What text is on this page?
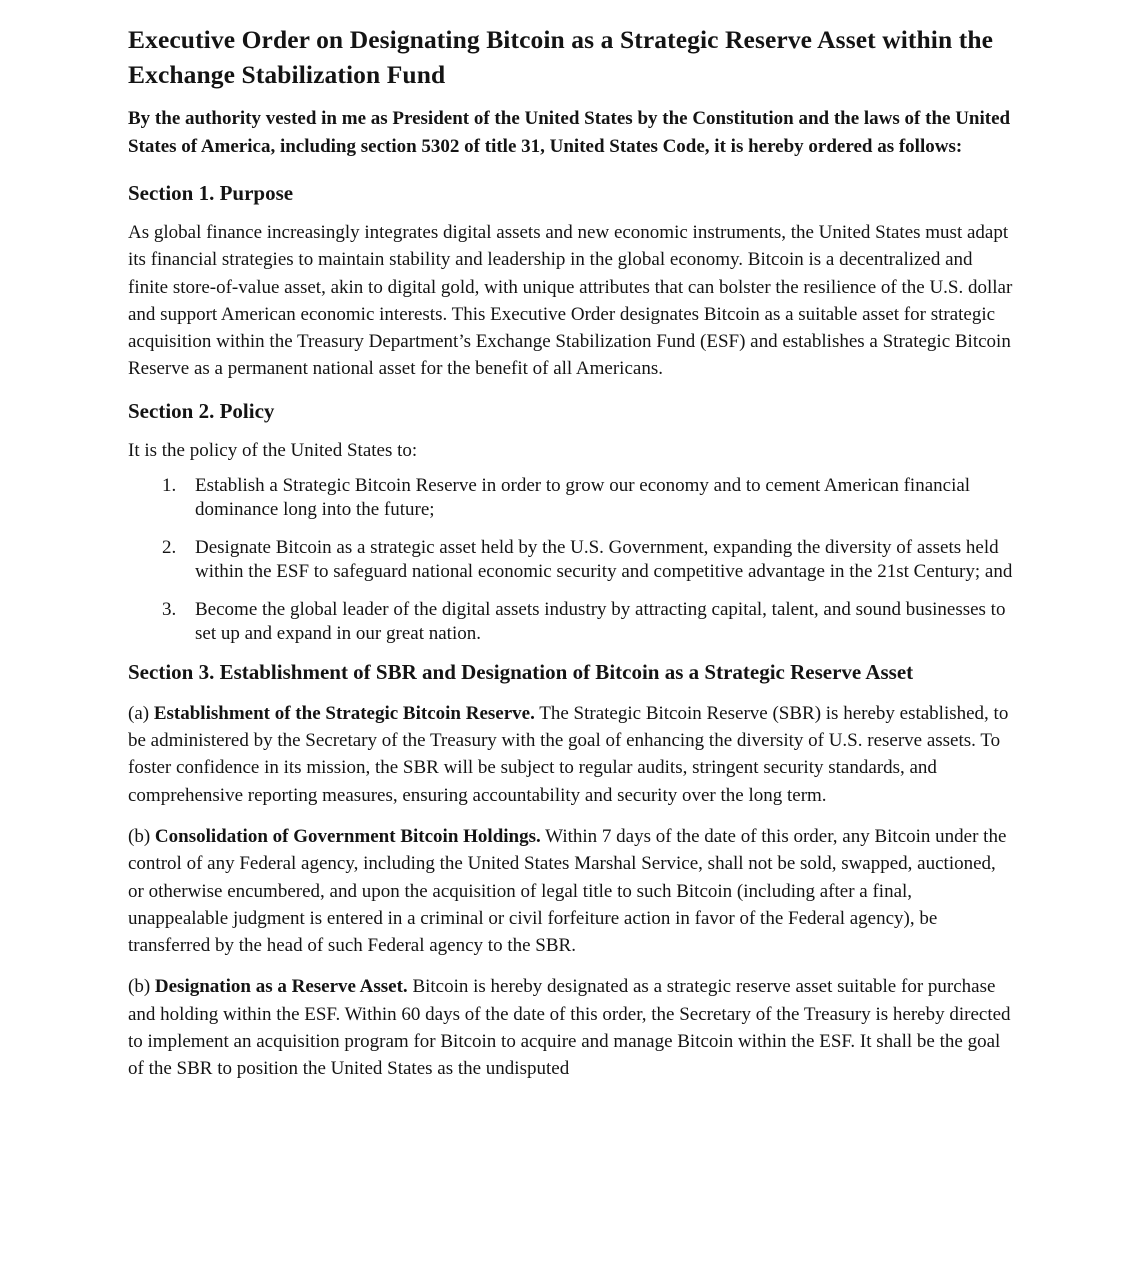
Executive Order on Designating Bitcoin as a Strategic Reserve Asset within the Exchange Stabilization Fund

By the authority vested in me as President of the United States by the Constitution and the laws of the United States of America, including section 5302 of title 31, United States Code, it is hereby ordered as follows:

Section 1. Purpose

As global finance increasingly integrates digital assets and new economic instruments, the United States must adapt its financial strategies to maintain stability and leadership in the global economy. Bitcoin is a decentralized and finite store-of-value asset, akin to digital gold, with unique attributes that can bolster the resilience of the U.S. dollar and support American economic interests. This Executive Order designates Bitcoin as a suitable asset for strategic acquisition within the Treasury Department’s Exchange Stabilization Fund (ESF) and establishes a Strategic Bitcoin Reserve as a permanent national asset for the benefit of all Americans.

Section 2. Policy

It is the policy of the United States to:

1. Establish a Strategic Bitcoin Reserve in order to grow our economy and to cement American financial dominance long into the future;
2. Designate Bitcoin as a strategic asset held by the U.S. Government, expanding the diversity of assets held within the ESF to safeguard national economic security and competitive advantage in the 21st Century; and
3. Become the global leader of the digital assets industry by attracting capital, talent, and sound businesses to set up and expand in our great nation.
Section 3. Establishment of SBR and Designation of Bitcoin as a Strategic Reserve Asset

(a) Establishment of the Strategic Bitcoin Reserve. The Strategic Bitcoin Reserve (SBR) is hereby established, to be administered by the Secretary of the Treasury with the goal of enhancing the diversity of U.S. reserve assets. To foster confidence in its mission, the SBR will be subject to regular audits, stringent security standards, and comprehensive reporting measures, ensuring accountability and security over the long term.

(b) Consolidation of Government Bitcoin Holdings. Within 7 days of the date of this order, any Bitcoin under the control of any Federal agency, including the United States Marshal Service, shall not be sold, swapped, auctioned, or otherwise encumbered, and upon the acquisition of legal title to such Bitcoin (including after a final, unappealable judgment is entered in a criminal or civil forfeiture action in favor of the Federal agency), be transferred by the head of such Federal agency to the SBR.

(b) Designation as a Reserve Asset. Bitcoin is hereby designated as a strategic reserve asset suitable for purchase and holding within the ESF. Within 60 days of the date of this order, the Secretary of the Treasury is hereby directed to implement an acquisition program for Bitcoin to acquire and manage Bitcoin within the ESF. It shall be the goal of the SBR to position the United States as the undisputed
